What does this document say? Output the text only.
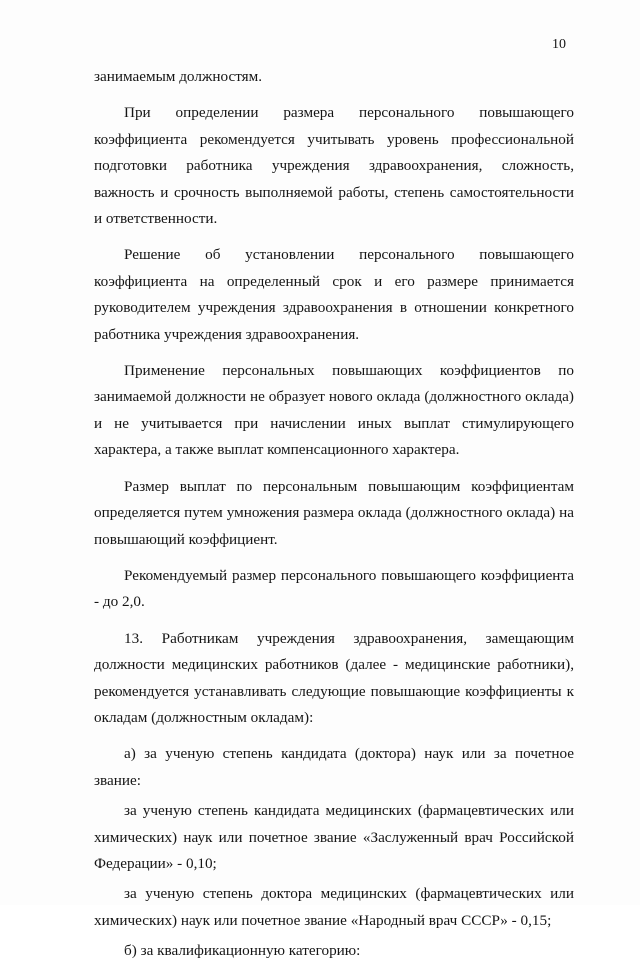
10

занимаемым должностям.

При определении размера персонального повышающего коэффициента рекомендуется учитывать уровень профессиональной подготовки работника учреждения здравоохранения, сложность, важность и срочность выполняемой работы, степень самостоятельности и ответственности.

Решение об установлении персонального повышающего коэффициента на определенный срок и его размере принимается руководителем учреждения здравоохранения в отношении конкретного работника учреждения здравоохранения.

Применение персональных повышающих коэффициентов по занимаемой должности не образует нового оклада (должностного оклада) и не учитывается при начислении иных выплат стимулирующего характера, а также выплат компенсационного характера.

Размер выплат по персональным повышающим коэффициентам определяется путем умножения размера оклада (должностного оклада) на повышающий коэффициент.

Рекомендуемый размер персонального повышающего коэффициента - до 2,0.

13. Работникам учреждения здравоохранения, замещающим должности медицинских работников (далее - медицинские работники), рекомендуется устанавливать следующие повышающие коэффициенты к окладам (должностным окладам):

а) за ученую степень кандидата (доктора) наук или за почетное звание:

за ученую степень кандидата медицинских (фармацевтических или химических) наук или почетное звание «Заслуженный врач Российской Федерации» - 0,10;

за ученую степень доктора медицинских (фармацевтических или химических) наук или почетное звание «Народный врач СССР» - 0,15;

б) за квалификационную категорию:
